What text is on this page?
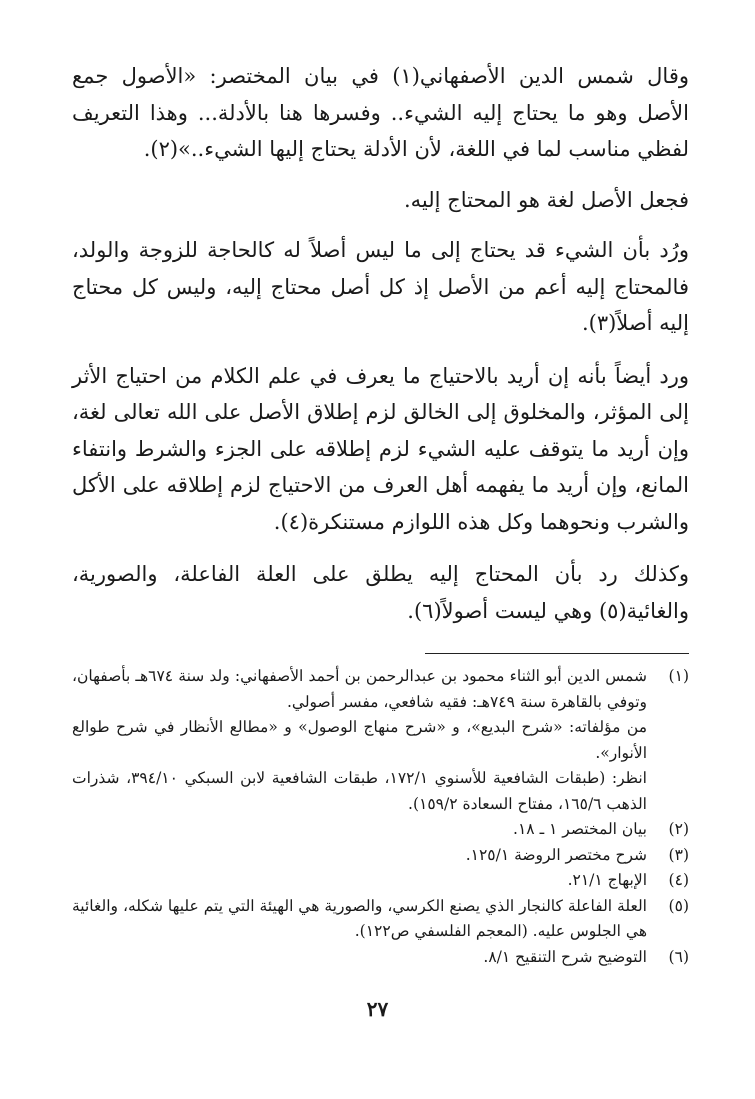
وقال شمس الدين الأصفهاني(١) في بيان المختصر: «الأصول جمع الأصل وهو ما يحتاج إليه الشيء.. وفسرها هنا بالأدلة... وهذا التعريف لفظي مناسب لما في اللغة، لأن الأدلة يحتاج إليها الشيء..»(٢).

فجعل الأصل لغة هو المحتاج إليه.

ورُد بأن الشيء قد يحتاج إلى ما ليس أصلاً له كالحاجة للزوجة والولد، فالمحتاج إليه أعم من الأصل إذ كل أصل محتاج إليه، وليس كل محتاج إليه أصلاً(٣).

ورد أيضاً بأنه إن أريد بالاحتياج ما يعرف في علم الكلام من احتياج الأثر إلى المؤثر، والمخلوق إلى الخالق لزم إطلاق الأصل على الله تعالى لغة، وإن أريد ما يتوقف عليه الشيء لزم إطلاقه على الجزء والشرط وانتفاء المانع، وإن أريد ما يفهمه أهل العرف من الاحتياج لزم إطلاقه على الأكل والشرب ونحوهما وكل هذه اللوازم مستنكرة(٤).

وكذلك رد بأن المحتاج إليه يطلق على العلة الفاعلة، والصورية، والغائية(٥) وهي ليست أصولاً(٦).

(١)

شمس الدين أبو الثناء محمود بن عبدالرحمن بن أحمد الأصفهاني: ولد سنة ٦٧٤هـ بأصفهان، وتوفي بالقاهرة سنة ٧٤٩هـ: فقيه شافعي، مفسر أصولي.

من مؤلفاته: «شرح البديع»، و «شرح منهاج الوصول» و «مطالع الأنظار في شرح طوالع الأنوار».

انظر: (طبقات الشافعية للأسنوي ١٧٢/١، طبقات الشافعية لابن السبكي ٣٩٤/١٠، شذرات الذهب ١٦٥/٦، مفتاح السعادة ١٥٩/٢).

(٢)

بيان المختصر ١ ـ ١٨.

(٣)

شرح مختصر الروضة ١٢٥/١.

(٤)

الإبهاج ٢١/١.

(٥)

العلة الفاعلة كالنجار الذي يصنع الكرسي، والصورية هي الهيئة التي يتم عليها شكله، والغائية هي الجلوس عليه. (المعجم الفلسفي ص١٢٢).

(٦)

التوضيح شرح التنقيح ٨/١.

٢٧
